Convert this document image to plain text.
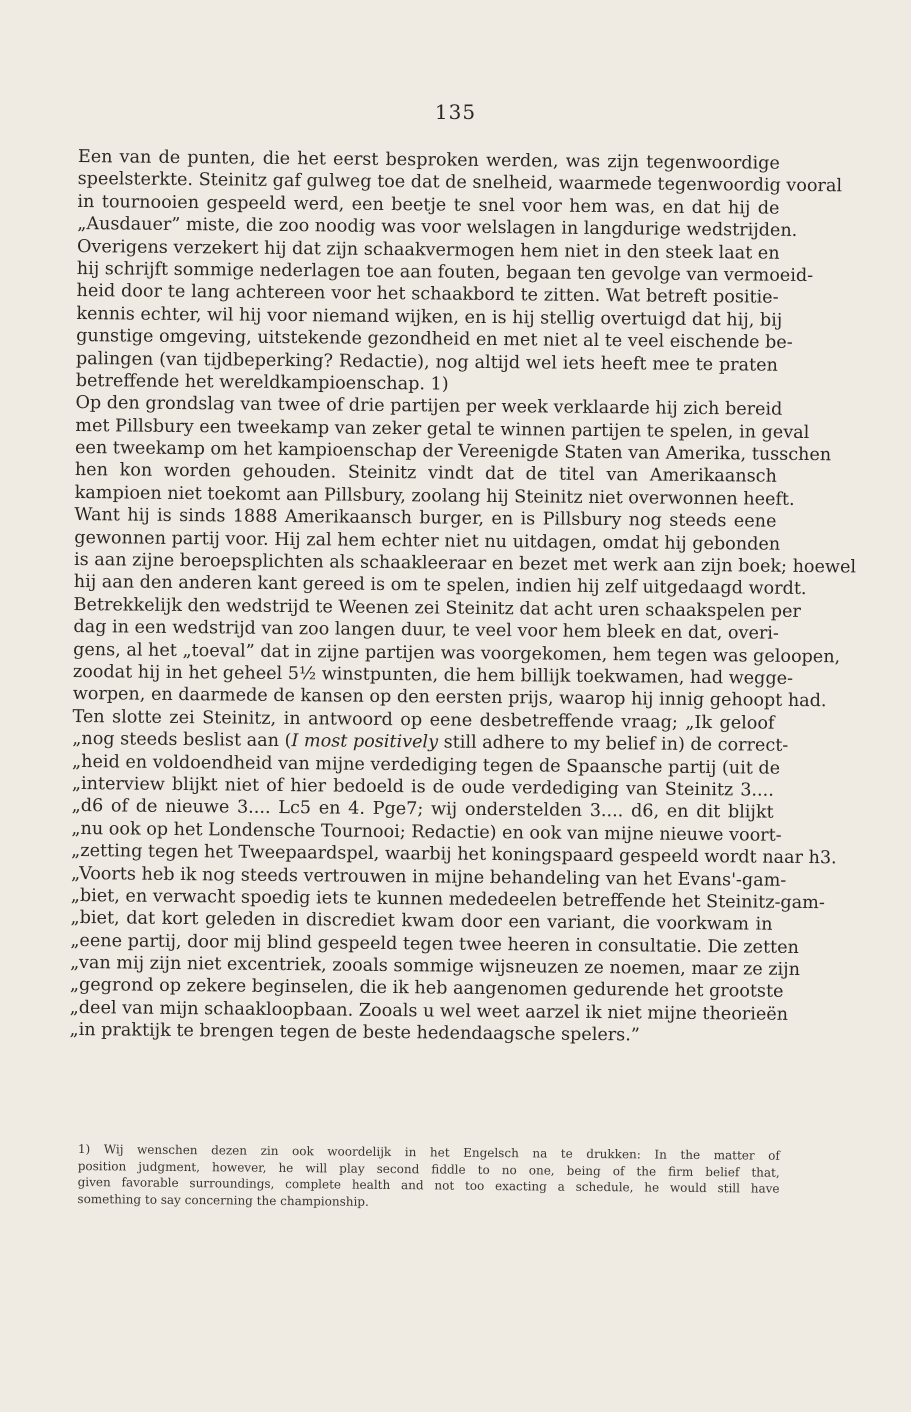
135
Een van de punten, die het eerst besproken werden, was zijn tegenwoordige
speelsterkte. Steinitz gaf gulweg toe dat de snelheid, waarmede tegenwoordig vooral
in tournooien gespeeld werd, een beetje te snel voor hem was, en dat hij de
„Ausdauer” miste, die zoo noodig was voor welslagen in langdurige wedstrijden.
Overigens verzekert hij dat zijn schaakvermogen hem niet in den steek laat en
hij schrijft sommige nederlagen toe aan fouten, begaan ten gevolge van vermoeid-
heid door te lang achtereen voor het schaakbord te zitten. Wat betreft positie-
kennis echter, wil hij voor niemand wijken, en is hij stellig overtuigd dat hij, bij
gunstige omgeving, uitstekende gezondheid en met niet al te veel eischende be-
palingen (van tijdbeperking? Redactie), nog altijd wel iets heeft mee te praten
betreffende het wereldkampioenschap. 1)
Op den grondslag van twee of drie partijen per week verklaarde hij zich bereid
met Pillsbury een tweekamp van zeker getal te winnen partijen te spelen, in geval
een tweekamp om het kampioenschap der Vereenigde Staten van Amerika, tusschen
hen kon worden gehouden. Steinitz vindt dat de titel van Amerikaansch
kampioen niet toekomt aan Pillsbury, zoolang hij Steinitz niet overwonnen heeft.
Want hij is sinds 1888 Amerikaansch burger, en is Pillsbury nog steeds eene
gewonnen partij voor. Hij zal hem echter niet nu uitdagen, omdat hij gebonden
is aan zijne beroepsplichten als schaakleeraar en bezet met werk aan zijn boek; hoewel
hij aan den anderen kant gereed is om te spelen, indien hij zelf uitgedaagd wordt.
Betrekkelijk den wedstrijd te Weenen zei Steinitz dat acht uren schaakspelen per
dag in een wedstrijd van zoo langen duur, te veel voor hem bleek en dat, overi-
gens, al het „toeval” dat in zijne partijen was voorgekomen, hem tegen was geloopen,
zoodat hij in het geheel 5½ winstpunten, die hem billijk toekwamen, had wegge-
worpen, en daarmede de kansen op den eersten prijs, waarop hij innig gehoopt had.
Ten slotte zei Steinitz, in antwoord op eene desbetreffende vraag; „Ik geloof
„nog steeds beslist aan (I most positively still adhere to my belief in) de correct-
„heid en voldoendheid van mijne verdediging tegen de Spaansche partij (uit de
„interview blijkt niet of hier bedoeld is de oude verdediging van Steinitz 3....
„d6 of de nieuwe 3.... Lc5 en 4. Pge7; wij onderstelden 3.... d6, en dit blijkt
„nu ook op het Londensche Tournooi; Redactie) en ook van mijne nieuwe voort-
„zetting tegen het Tweepaardspel, waarbij het koningspaard gespeeld wordt naar h3.
„Voorts heb ik nog steeds vertrouwen in mijne behandeling van het Evans'-gam-
„biet, en verwacht spoedig iets te kunnen mededeelen betreffende het Steinitz-gam-
„biet, dat kort geleden in discrediet kwam door een variant, die voorkwam in
„eene partij, door mij blind gespeeld tegen twee heeren in consultatie. Die zetten
„van mij zijn niet excentriek, zooals sommige wijsneuzen ze noemen, maar ze zijn
„gegrond op zekere beginselen, die ik heb aangenomen gedurende het grootste
„deel van mijn schaakloopbaan. Zooals u wel weet aarzel ik niet mijne theorieën
„in praktijk te brengen tegen de beste hedendaagsche spelers.”
1) Wij wenschen dezen zin ook woordelijk in het Engelsch na te drukken: In the matter of
position judgment, however, he will play second fiddle to no one, being of the firm belief that,
given favorable surroundings, complete health and not too exacting a schedule, he would still have
something to say concerning the championship.
